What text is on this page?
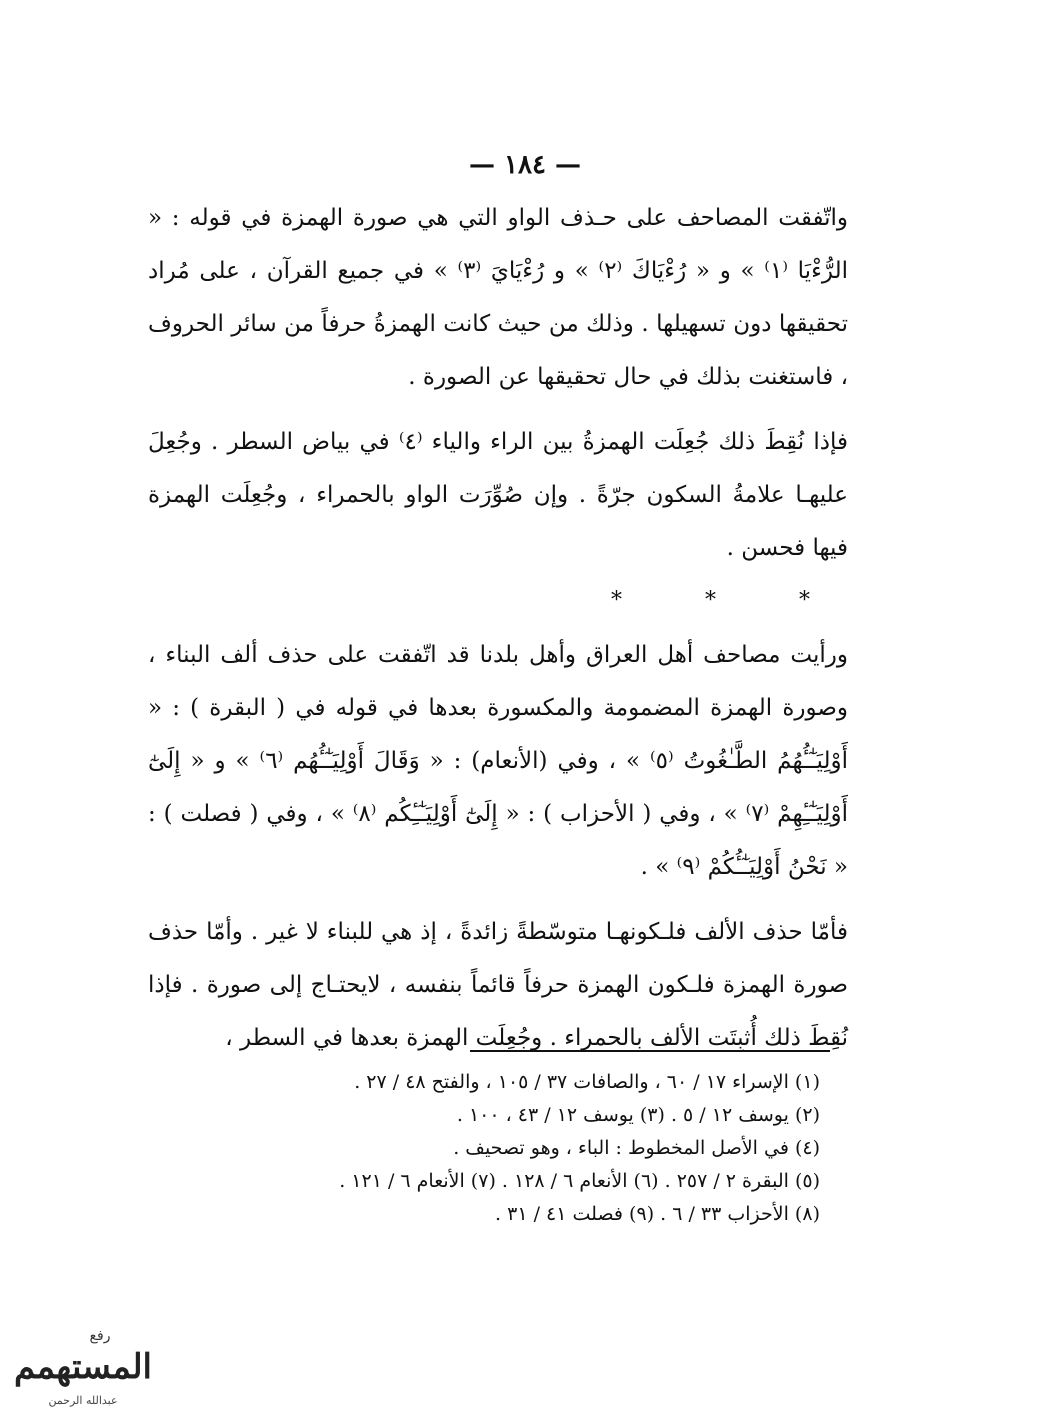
— ١٨٤ —

واتّفقت المصاحف على حـذف الواو التي هي صورة الهمزة في قوله : « الرُّءْيَا ⁽١⁾ » و « رُءْيَاكَ ⁽٢⁾ » و رُءْيَايَ ⁽٣⁾ » في جميع القرآن ، على مُراد تحقيقها دون تسهيلها . وذلك من حيث كانت الهمزةُ حرفاً من سائر الحروف ، فاستغنت بذلك في حال تحقيقها عن الصورة .

فإذا نُقِطَ ذلك جُعِلَت الهمزةُ بين الراء والياء ⁽٤⁾ في بياض السطر . وجُعِلَ عليهـا علامةُ السكون جرّةً . وإن صُوِّرَت الواو بالحمراء ، وجُعِلَت الهمزة فيها فحسن .

* * *

ورأيت مصاحف أهل العراق وأهل بلدنا قد اتّفقت على حذف ألف البناء ، وصورة الهمزة المضمومة والمكسورة بعدها في قوله في ( البقرة ) : « أَوْلِيَـٰٓـُٔهُمُ الطَّـٰغُوتُ ⁽٥⁾ » ، وفي (الأنعام) : « وَقَالَ أَوْلِيَـٰٓـُٔهُم ⁽٦⁾ » و « إِلَىٰٓ أَوْلِيَـٰٓـِٔهِمْ ⁽٧⁾ » ، وفي ( الأحزاب ) : « إِلَىٰٓ أَوْلِيَـٰٓـِٔكُم ⁽٨⁾ » ، وفي ( فصلت ) : « نَحْنُ أَوْلِيَـٰٓـُٔكُمْ ⁽٩⁾ » .

فأمّا حذف الألف فلـكونهـا متوسّطةً زائدةً ، إذ هي للبناء لا غير . وأمّا حذف صورة الهمزة فلـكون الهمزة حرفاً قائماً بنفسه ، لايحتـاج إلى صورة . فإذا نُقِطَ ذلك أُثبِتَت الألف بالحمراء . وجُعِلَت الهمزة بعدها في السطر ،

(١) الإسراء ١٧ / ٦٠ ، والصافات ٣٧ / ١٠٥ ، والفتح ٤٨ / ٢٧ .
(٢) يوسف ١٢ / ٥ . (٣) يوسف ١٢ / ٤٣ ، ١٠٠ .
(٤) في الأصل المخطوط : الباء ، وهو تصحيف .
(٥) البقرة ٢ / ٢٥٧ . (٦) الأنعام ٦ / ١٢٨ . (٧) الأنعام ٦ / ١٢١ .
(٨) الأحزاب ٣٣ / ٦ . (٩) فصلت ٤١ / ٣١ .
رفع
المستهمم
عبدالله الرحمن
